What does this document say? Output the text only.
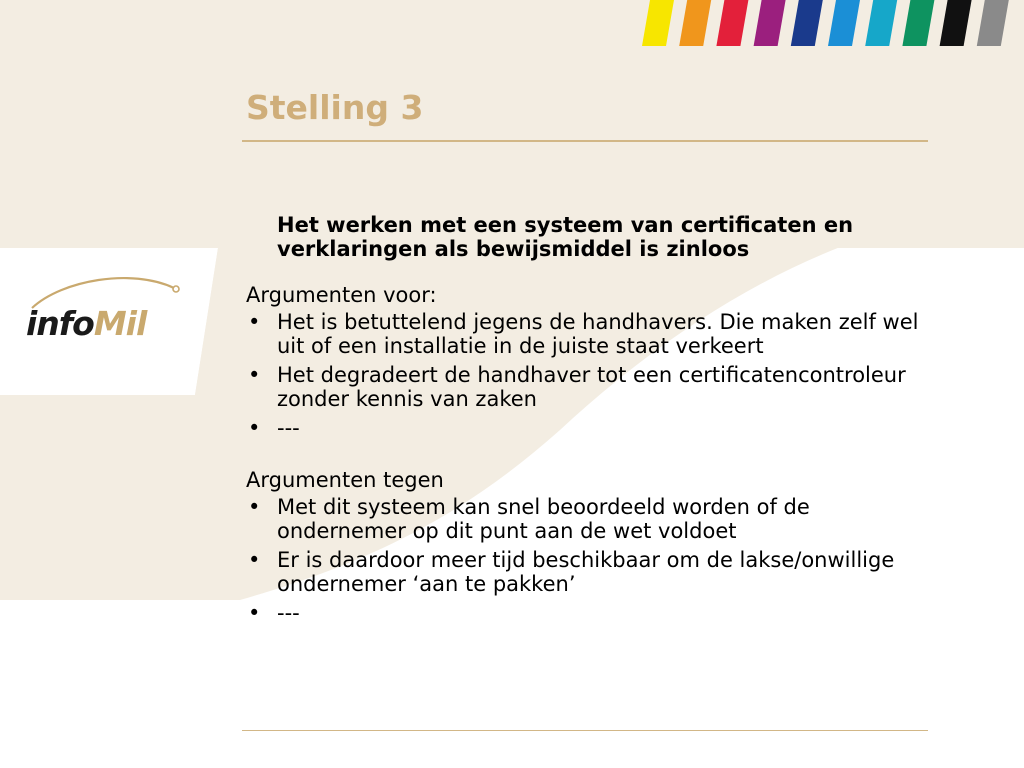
infoMil
Stelling 3

Het werken met een systeem van certificaten en verklaringen als bewijsmiddel is zinloos

Argumenten voor:

• Het is betuttelend jegens de handhavers. Die maken zelf wel uit of een installatie in de juiste staat verkeert
• Het degradeert de handhaver tot een certificatencontroleur zonder kennis van zaken
• ---

Argumenten tegen

• Met dit systeem kan snel beoordeeld worden of de ondernemer op dit punt aan de wet voldoet
• Er is daardoor meer tijd beschikbaar om de lakse/onwillige ondernemer ‘aan te pakken’
• ---
